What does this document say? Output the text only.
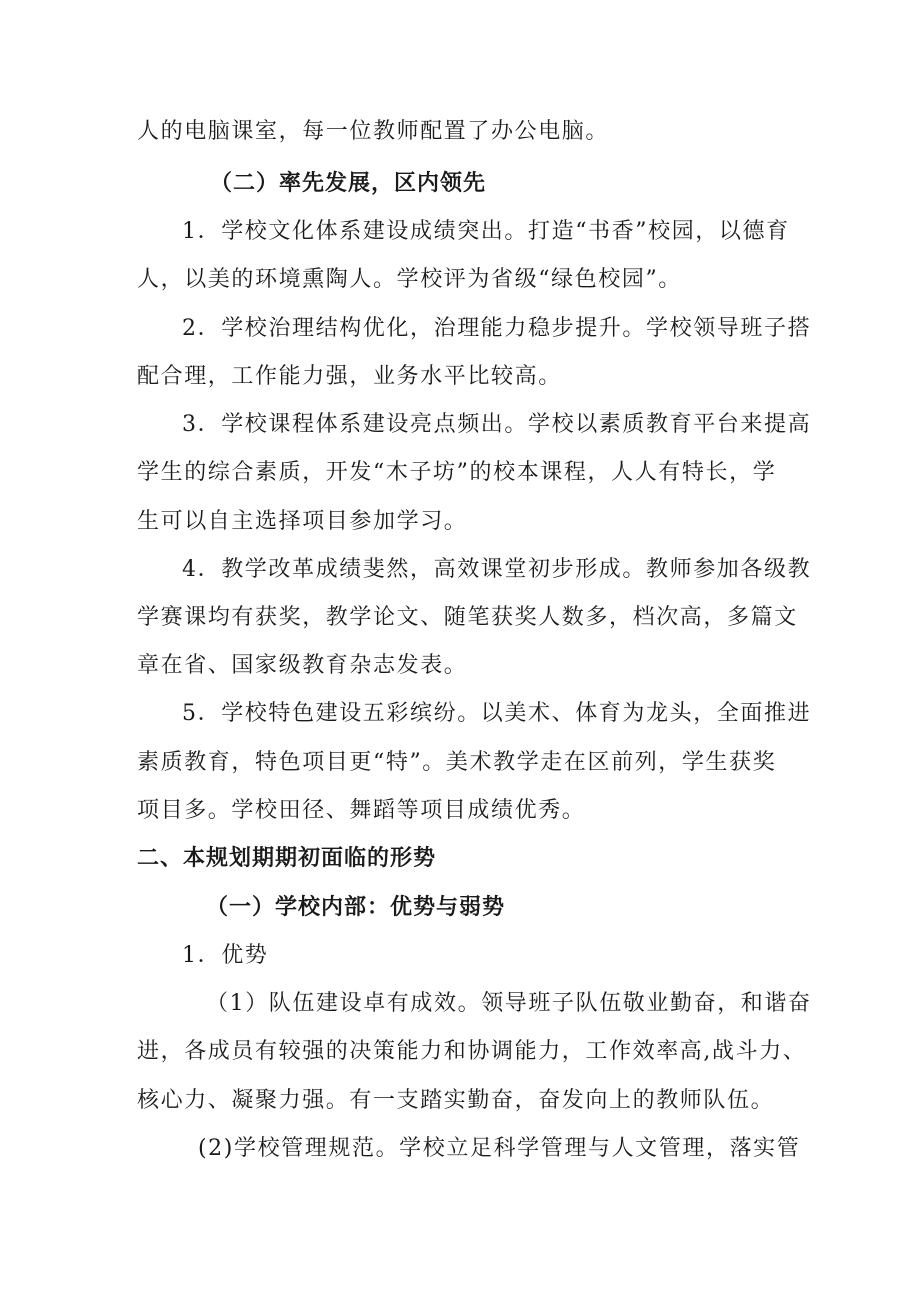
人的电脑课室，每一位教师配置了办公电脑。
（二）率先发展，区内领先
1．学校文化体系建设成绩突出。打造“书香”校园，以德育
人，以美的环境熏陶人。学校评为省级“绿色校园”。
2．学校治理结构优化，治理能力稳步提升。学校领导班子搭
配合理，工作能力强，业务水平比较高。
3．学校课程体系建设亮点频出。学校以素质教育平台来提高
学生的综合素质，开发“木子坊”的校本课程，人人有特长，学
生可以自主选择项目参加学习。
4．教学改革成绩斐然，高效课堂初步形成。教师参加各级教
学赛课均有获奖，教学论文、随笔获奖人数多，档次高，多篇文
章在省、国家级教育杂志发表。
5．学校特色建设五彩缤纷。以美术、体育为龙头，全面推进
素质教育，特色项目更“特”。美术教学走在区前列，学生获奖
项目多。学校田径、舞蹈等项目成绩优秀。
二、本规划期期初面临的形势
（一）学校内部：优势与弱势
1．优势
（1）队伍建设卓有成效。领导班子队伍敬业勤奋，和谐奋
进，各成员有较强的决策能力和协调能力，工作效率高,战斗力、
核心力、凝聚力强。有一支踏实勤奋，奋发向上的教师队伍。
(2)学校管理规范。学校立足科学管理与人文管理，落实管
